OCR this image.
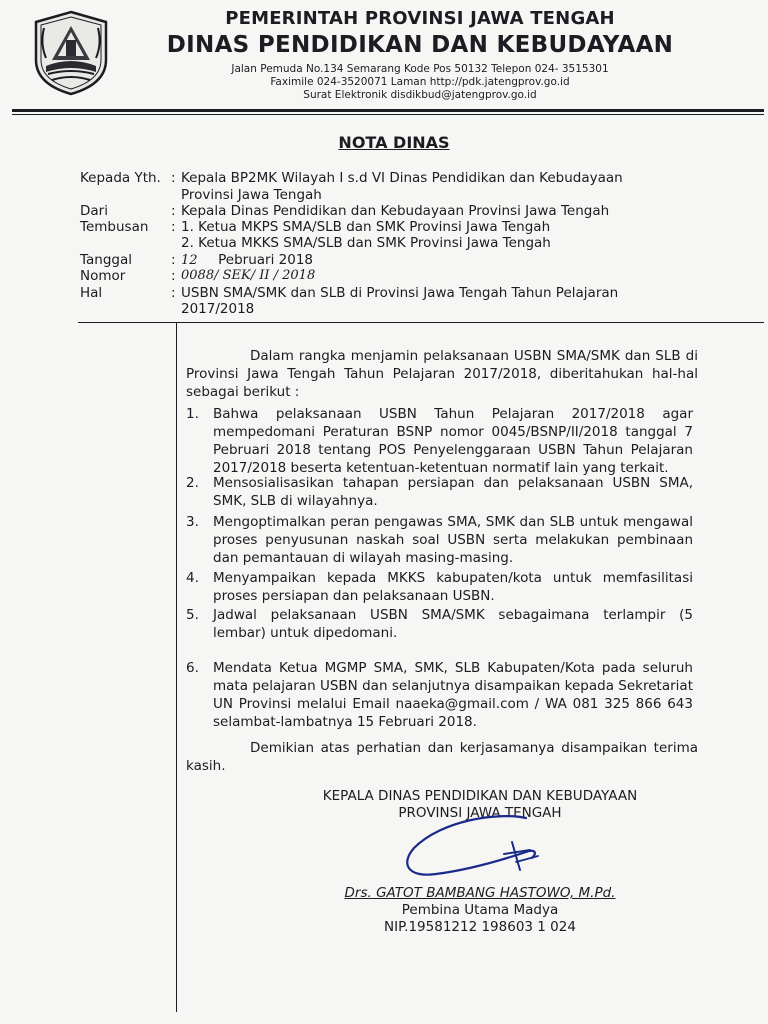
PEMERINTAH PROVINSI JAWA TENGAH
DINAS PENDIDIKAN DAN KEBUDAYAAN
Jalan Pemuda No.134 Semarang Kode Pos 50132 Telepon 024- 3515301
Faximile 024-3520071 Laman http://pdk.jatengprov.go.id
Surat Elektronik disdikbud@jatengprov.go.id
NOTA DINAS
Kepada Yth. : Kepala BP2MK Wilayah I s.d VI Dinas Pendidikan dan Kebudayaan
Provinsi Jawa Tengah
Dari	: Kepala Dinas Pendidikan dan Kebudayaan Provinsi Jawa Tengah
Tembusan : 1. Ketua MKPS SMA/SLB dan SMK Provinsi Jawa Tengah
2. Ketua MKKS SMA/SLB dan SMK Provinsi Jawa Tengah
Tanggal	: 12 Pebruari 2018
Nomor	: 0088/ SEK/ II / 2018
Hal	: USBN SMA/SMK dan SLB di Provinsi Jawa Tengah Tahun Pelajaran
2017/2018
Dalam rangka menjamin pelaksanaan USBN SMA/SMK dan SLB di Provinsi Jawa Tengah Tahun Pelajaran 2017/2018, diberitahukan hal-hal sebagai berikut :
1. Bahwa pelaksanaan USBN Tahun Pelajaran 2017/2018 agar mempedomani Peraturan BSNP nomor 0045/BSNP/II/2018 tanggal 7 Pebruari 2018 tentang POS Penyelenggaraan USBN Tahun Pelajaran 2017/2018 beserta ketentuan-ketentuan normatif lain yang terkait.
2. Mensosialisasikan tahapan persiapan dan pelaksanaan USBN SMA, SMK, SLB di wilayahnya.
3. Mengoptimalkan peran pengawas SMA, SMK dan SLB untuk mengawal proses penyusunan naskah soal USBN serta melakukan pembinaan dan pemantauan di wilayah masing-masing.
4. Menyampaikan kepada MKKS kabupaten/kota untuk memfasilitasi proses persiapan dan pelaksanaan USBN.
5. Jadwal pelaksanaan USBN SMA/SMK sebagaimana terlampir (5 lembar) untuk dipedomani.
6. Mendata Ketua MGMP SMA, SMK, SLB Kabupaten/Kota pada seluruh mata pelajaran USBN dan selanjutnya disampaikan kepada Sekretariat UN Provinsi melalui Email naaeka@gmail.com / WA 081 325 866 643 selambat-lambatnya 15 Februari 2018.
Demikian atas perhatian dan kerjasamanya disampaikan terima kasih.
KEPALA DINAS PENDIDIKAN DAN KEBUDAYAAN
PROVINSI JAWA TENGAH
Drs. GATOT BAMBANG HASTOWO, M.Pd.
Pembina Utama Madya
NIP.19581212 198603 1 024
